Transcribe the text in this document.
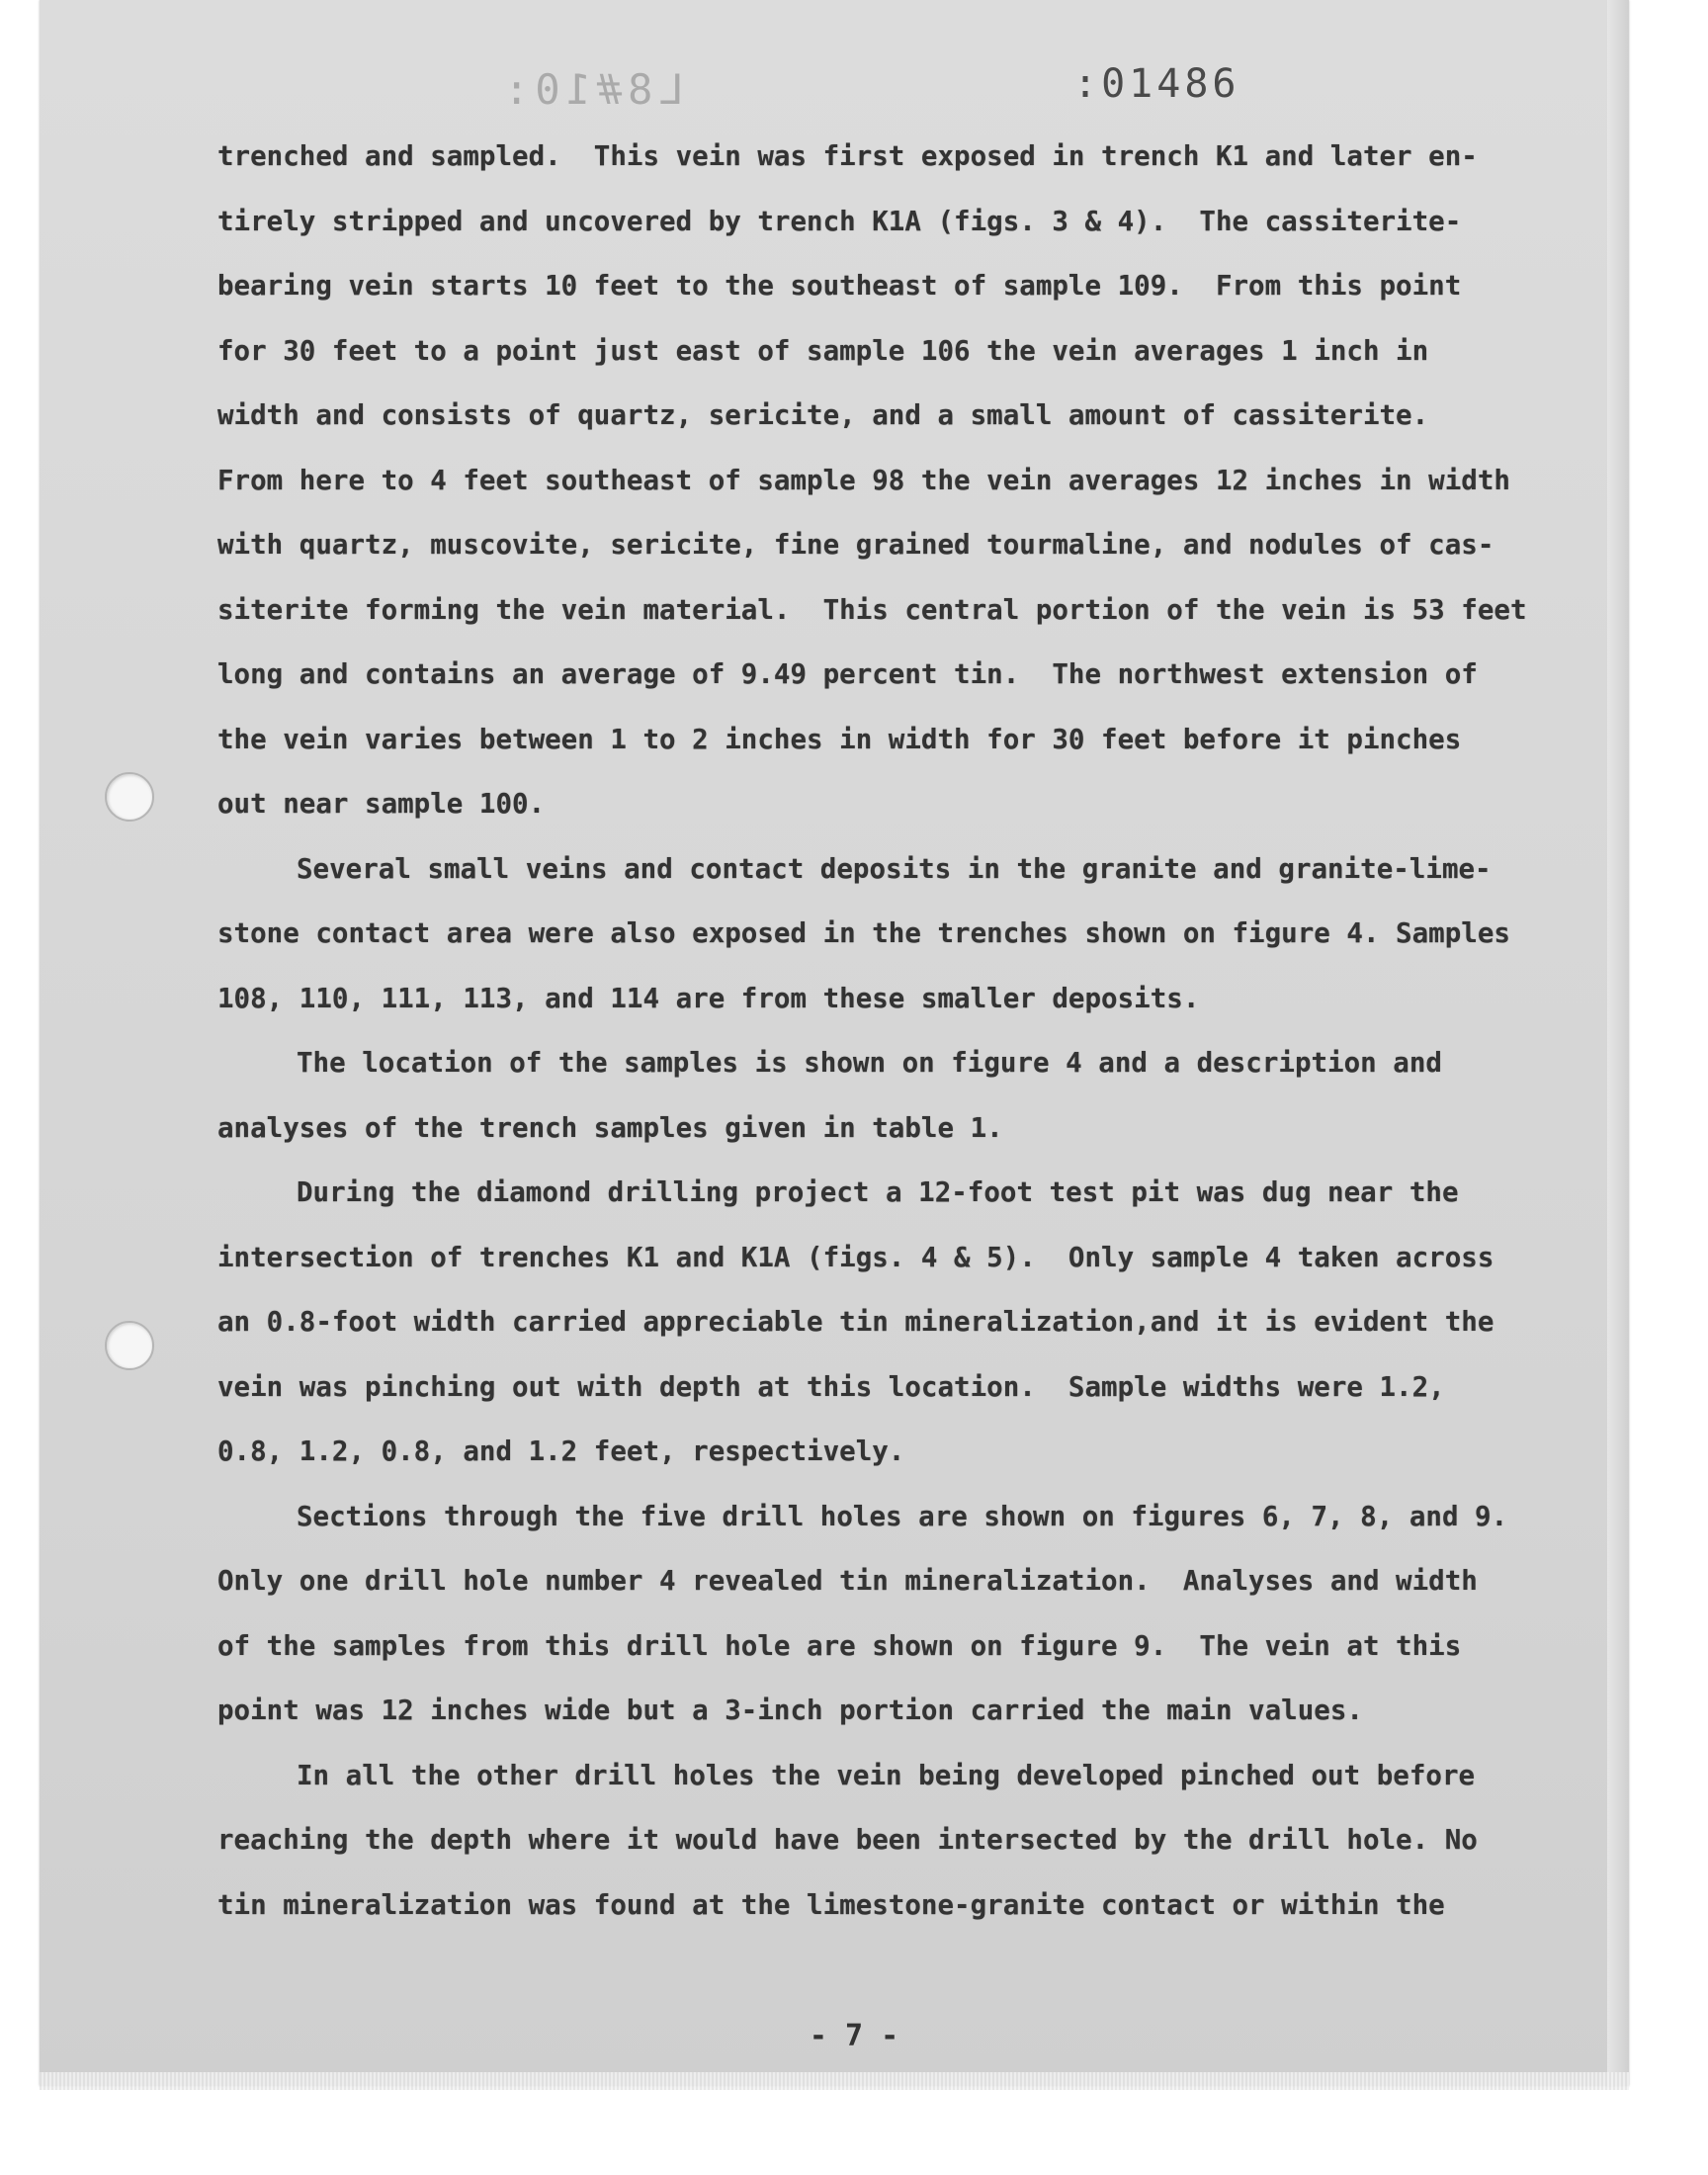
L8#10:	:01486
trenched and sampled.  This vein was first exposed in trench K1 and later en-
tirely stripped and uncovered by trench K1A (figs. 3 & 4).  The cassiterite-
bearing vein starts 10 feet to the southeast of sample 109.  From this point
for 30 feet to a point just east of sample 106 the vein averages 1 inch in
width and consists of quartz, sericite, and a small amount of cassiterite.
From here to 4 feet southeast of sample 98 the vein averages 12 inches in width
with quartz, muscovite, sericite, fine grained tourmaline, and nodules of cas-
siterite forming the vein material.  This central portion of the vein is 53 feet
long and contains an average of 9.49 percent tin.  The northwest extension of
the vein varies between 1 to 2 inches in width for 30 feet before it pinches
out near sample 100.
Several small veins and contact deposits in the granite and granite-lime-
stone contact area were also exposed in the trenches shown on figure 4. Samples
108, 110, 111, 113, and 114 are from these smaller deposits.
The location of the samples is shown on figure 4 and a description and
analyses of the trench samples given in table 1.
During the diamond drilling project a 12-foot test pit was dug near the
intersection of trenches K1 and K1A (figs. 4 & 5).  Only sample 4 taken across
an 0.8-foot width carried appreciable tin mineralization,and it is evident the
vein was pinching out with depth at this location.  Sample widths were 1.2,
0.8, 1.2, 0.8, and 1.2 feet, respectively.
Sections through the five drill holes are shown on figures 6, 7, 8, and 9.
Only one drill hole number 4 revealed tin mineralization.  Analyses and width
of the samples from this drill hole are shown on figure 9.  The vein at this
point was 12 inches wide but a 3-inch portion carried the main values.
In all the other drill holes the vein being developed pinched out before
reaching the depth where it would have been intersected by the drill hole. No
tin mineralization was found at the limestone-granite contact or within the
- 7 -
